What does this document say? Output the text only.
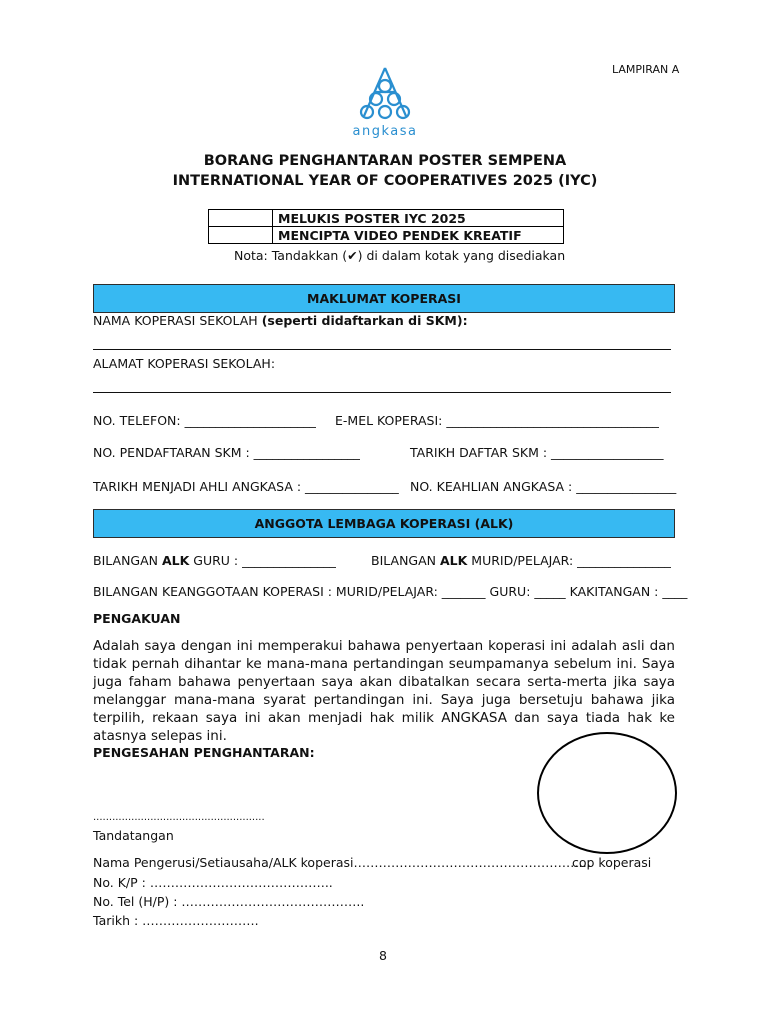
LAMPIRAN A
angkasa
BORANG PENGHANTARAN POSTER SEMPENA
INTERNATIONAL YEAR OF COOPERATIVES 2025 (IYC)
	MELUKIS POSTER IYC 2025
	MENCIPTA VIDEO PENDEK KREATIF
Nota: Tandakkan (✔) di dalam kotak yang disediakan
MAKLUMAT KOPERASI
NAMA KOPERASI SEKOLAH (seperti didaftarkan di SKM):
ALAMAT KOPERASI SEKOLAH:
NO. TELEFON: _____________________ E-MEL KOPERASI: __________________________________
NO. PENDAFTARAN SKM : _________________	TARIKH DAFTAR SKM : __________________
TARIKH MENJADI AHLI ANGKASA : _______________ NO. KEAHLIAN ANGKASA : ________________
ANGGOTA LEMBAGA KOPERASI (ALK)
BILANGAN ALK GURU : _______________	BILANGAN ALK MURID/PELAJAR: _______________
BILANGAN KEANGGOTAAN KOPERASI : MURID/PELAJAR: _______ GURU: _____ KAKITANGAN : ____
PENGAKUAN
Adalah saya dengan ini memperakui bahawa penyertaan koperasi ini adalah asli dan tidak pernah dihantar ke mana-mana pertandingan seumpamanya sebelum ini. Saya juga faham bahawa penyertaan saya akan dibatalkan secara serta-merta jika saya melanggar mana-mana syarat pertandingan ini. Saya juga bersetuju bahawa jika terpilih, rekaan saya ini akan menjadi hak milik ANGKASA dan saya tiada hak ke atasnya selepas ini.
PENGESAHAN PENGHANTARAN:
......................................................
Tandatangan
Nama Pengerusi/Setiausaha/ALK koperasi…………………………………………………
cop koperasi
No. K/P : ……………………………………..
No. Tel (H/P) : ……………………………………..
Tarikh : ……………………….
8
